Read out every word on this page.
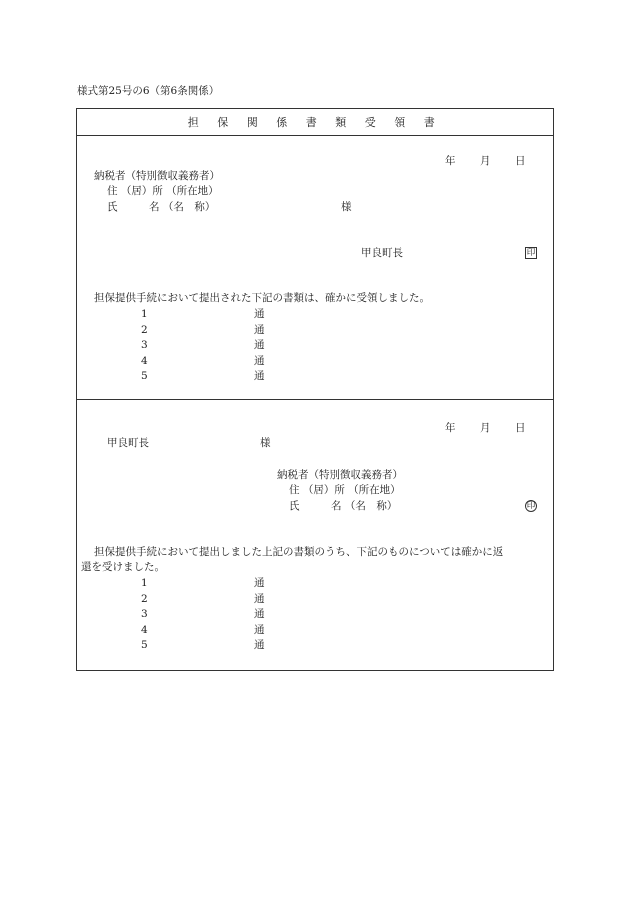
様式第25号の6（第6条関係）
担 保 関 係 書 類 受 領 書
年 月 日
納税者（特別徴収義務者）
住 （居）所 （所在地）
氏　　　名 （名　称）	様
甲良町長	印
担保提供手続において提出された下記の書類は、確かに受領しました。
1	通
2	通
3	通
4	通
5	通
年 月 日
甲良町長	様
納税者（特別徴収義務者）
住 （居）所 （所在地）
氏　　　名 （名　称）	印
担保提供手続において提出しました上記の書類のうち、下記のものについては確かに返
還を受けました。
1	通
2	通
3	通
4	通
5	通
